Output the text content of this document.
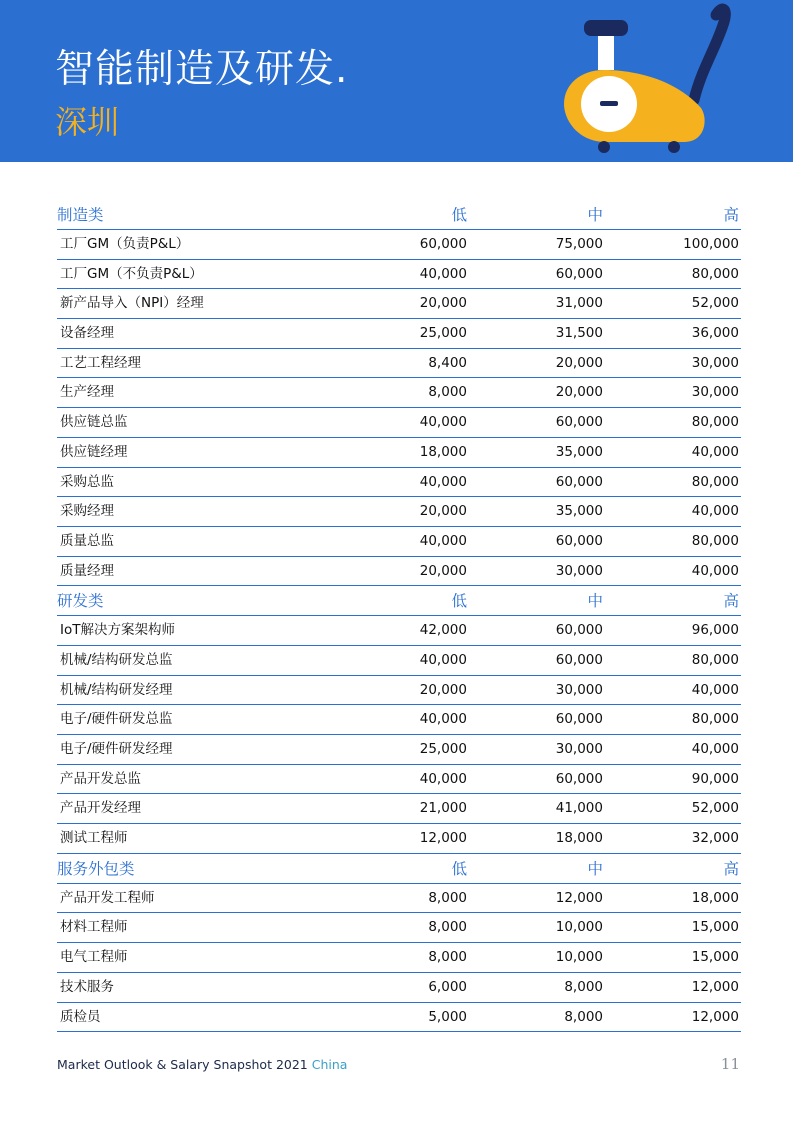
智能制造及研发.
深圳
制造类	低	中	高
工厂GM（负责P&L）	60,000	75,000	100,000
工厂GM（不负责P&L）	40,000	60,000	80,000
新产品导入（NPI）经理	20,000	31,000	52,000
设备经理	25,000	31,500	36,000
工艺工程经理	8,400	20,000	30,000
生产经理	8,000	20,000	30,000
供应链总监	40,000	60,000	80,000
供应链经理	18,000	35,000	40,000
采购总监	40,000	60,000	80,000
采购经理	20,000	35,000	40,000
质量总监	40,000	60,000	80,000
质量经理	20,000	30,000	40,000
研发类	低	中	高
IoT解决方案架构师	42,000	60,000	96,000
机械/结构研发总监	40,000	60,000	80,000
机械/结构研发经理	20,000	30,000	40,000
电子/硬件研发总监	40,000	60,000	80,000
电子/硬件研发经理	25,000	30,000	40,000
产品开发总监	40,000	60,000	90,000
产品开发经理	21,000	41,000	52,000
测试工程师	12,000	18,000	32,000
服务外包类	低	中	高
产品开发工程师	8,000	12,000	18,000
材料工程师	8,000	10,000	15,000
电气工程师	8,000	10,000	15,000
技术服务	6,000	8,000	12,000
质检员	5,000	8,000	12,000
Market Outlook & Salary Snapshot 2021 China	11
